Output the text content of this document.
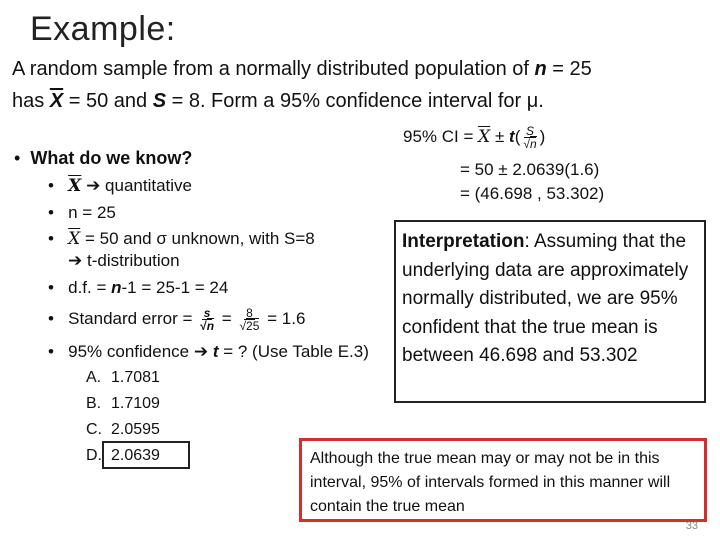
Example:
A random sample from a normally distributed population of n = 25
has $\overline{X} = 50$ and S = 8. Form a 95% confidence interval for μ.
95% CI = $\overline{X} \pm t( \frac{S}{√n}$ )
= 50 ± 2.0639(1.6)
= (46.698 , 53.302)
• What do we know?
• $\overline{X}$ ➔ quantitative
• n = 25
• $\overline{X} = 50$ and σ unknown, with S=8
➔ t-distribution
• d.f. = n-1 = 25-1 = 24
• Standard error = $\frac{s}{√n} = \frac{8}{√25} = 1.6$
• 95% confidence ➔ t = ? (Use Table E.3)
A. 1.7081
B. 1.7109
C. 2.0595
D. 2.0639
Interpretation: Assuming that the underlying data are approximately normally distributed, we are 95% confident that the true mean is between 46.698 and 53.302
Although the true mean may or may not be in this interval, 95% of intervals formed in this manner will contain the true mean
33
